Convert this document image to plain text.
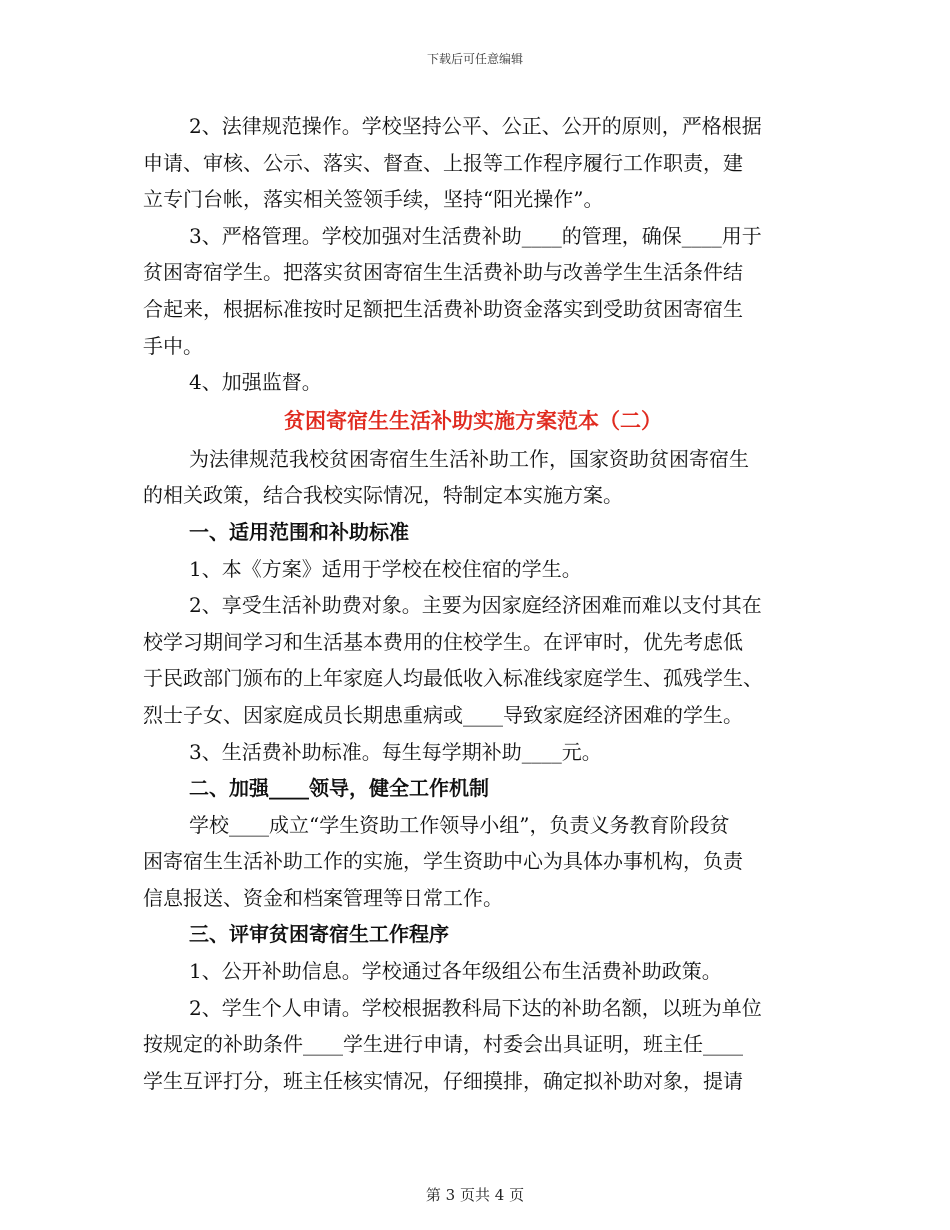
下载后可任意编辑
2、法律规范操作。学校坚持公平、公正、公开的原则，严格根据
申请、审核、公示、落实、督查、上报等工作程序履行工作职责，建
立专门台帐，落实相关签领手续，坚持“阳光操作”。
3、严格管理。学校加强对生活费补助____的管理，确保____用于
贫困寄宿学生。把落实贫困寄宿生生活费补助与改善学生生活条件结
合起来，根据标准按时足额把生活费补助资金落实到受助贫困寄宿生
手中。
4、加强监督。
贫困寄宿生生活补助实施方案范本（二）
为法律规范我校贫困寄宿生生活补助工作，国家资助贫困寄宿生
的相关政策，结合我校实际情况，特制定本实施方案。
一、适用范围和补助标准
1、本《方案》适用于学校在校住宿的学生。
2、享受生活补助费对象。主要为因家庭经济困难而难以支付其在
校学习期间学习和生活基本费用的住校学生。在评审时，优先考虑低
于民政部门颁布的上年家庭人均最低收入标准线家庭学生、孤残学生、
烈士子女、因家庭成员长期患重病或____导致家庭经济困难的学生。
3、生活费补助标准。每生每学期补助____元。
二、加强____领导，健全工作机制
学校____成立“学生资助工作领导小组”，负责义务教育阶段贫
困寄宿生生活补助工作的实施，学生资助中心为具体办事机构，负责
信息报送、资金和档案管理等日常工作。
三、评审贫困寄宿生工作程序
1、公开补助信息。学校通过各年级组公布生活费补助政策。
2、学生个人申请。学校根据教科局下达的补助名额，以班为单位
按规定的补助条件____学生进行申请，村委会出具证明，班主任____
学生互评打分，班主任核实情况，仔细摸排，确定拟补助对象，提请
第 3 页共 4 页
